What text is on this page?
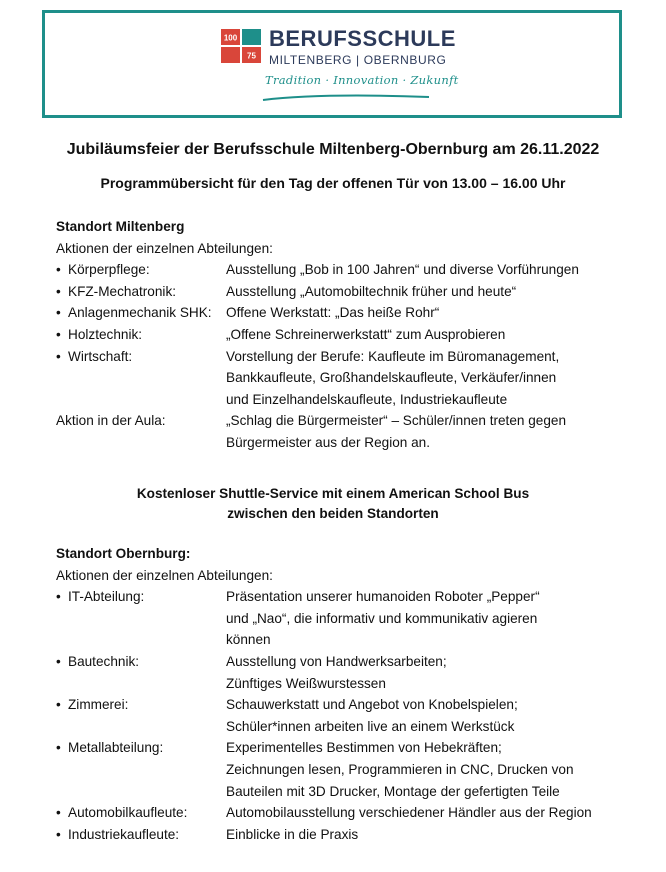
100
75
BERUFSSCHULE
MILTENBERG | OBERNBURG
Tradition · Innovation · Zukunft
Jubiläumsfeier der Berufsschule Miltenberg-Obernburg am 26.11.2022
Programmübersicht für den Tag der offenen Tür von 13.00 – 16.00 Uhr
Standort Miltenberg
Aktionen der einzelnen Abteilungen:
• Körperpflege:	Ausstellung „Bob in 100 Jahren“ und diverse Vorführungen
• KFZ-Mechatronik:	Ausstellung „Automobiltechnik früher und heute“
• Anlagenmechanik SHK:	Offene Werkstatt: „Das heiße Rohr“
• Holztechnik:	„Offene Schreinerwerkstatt“ zum Ausprobieren
• Wirtschaft:	Vorstellung der Berufe: Kaufleute im Büromanagement,
Bankkaufleute, Großhandelskaufleute, Verkäufer/innen
und Einzelhandelskaufleute, Industriekaufleute
Aktion in der Aula:	„Schlag die Bürgermeister“ – Schüler/innen treten gegen
Bürgermeister aus der Region an.
Kostenloser Shuttle-Service mit einem American School Bus
zwischen den beiden Standorten
Standort Obernburg:
Aktionen der einzelnen Abteilungen:
• IT-Abteilung:	Präsentation unserer humanoiden Roboter „Pepper“
und „Nao“, die informativ und kommunikativ agieren
können
• Bautechnik:	Ausstellung von Handwerksarbeiten;
Zünftiges Weißwurstessen
• Zimmerei:	Schauwerkstatt und Angebot von Knobelspielen;
Schüler*innen arbeiten live an einem Werkstück
• Metallabteilung:	Experimentelles Bestimmen von Hebekräften;
Zeichnungen lesen, Programmieren in CNC, Drucken von
Bauteilen mit 3D Drucker, Montage der gefertigten Teile
• Automobilkaufleute:	Automobilausstellung verschiedener Händler aus der Region
• Industriekaufleute:	Einblicke in die Praxis
